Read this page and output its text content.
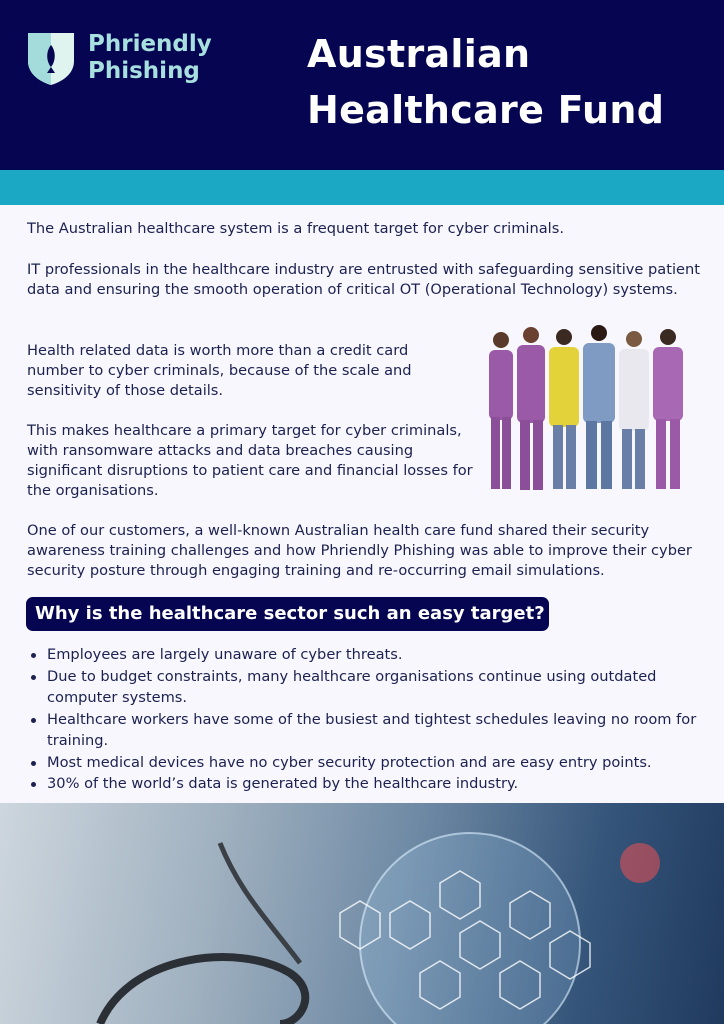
Phriendly
Phishing	Australian
Healthcare Fund
The Australian healthcare system is a frequent target for cyber criminals.
IT professionals in the healthcare industry are entrusted with safeguarding sensitive patient data and ensuring the smooth operation of critical OT (Operational Technology) systems.
Health related data is worth more than a credit card number to cyber criminals, because of the scale and sensitivity of those details.
This makes healthcare a primary target for cyber criminals, with ransomware attacks and data breaches causing significant disruptions to patient care and financial losses for the organisations.
One of our customers, a well-known Australian health care fund shared their security awareness training challenges and how Phriendly Phishing was able to improve their cyber security posture through engaging training and re-occurring email simulations.
Why is the healthcare sector such an easy target?
Employees are largely unaware of cyber threats.
Due to budget constraints, many healthcare organisations continue using outdated computer systems.
Healthcare workers have some of the busiest and tightest schedules leaving no room for training.
Most medical devices have no cyber security protection and are easy entry points.
30% of the world’s data is generated by the healthcare industry.
